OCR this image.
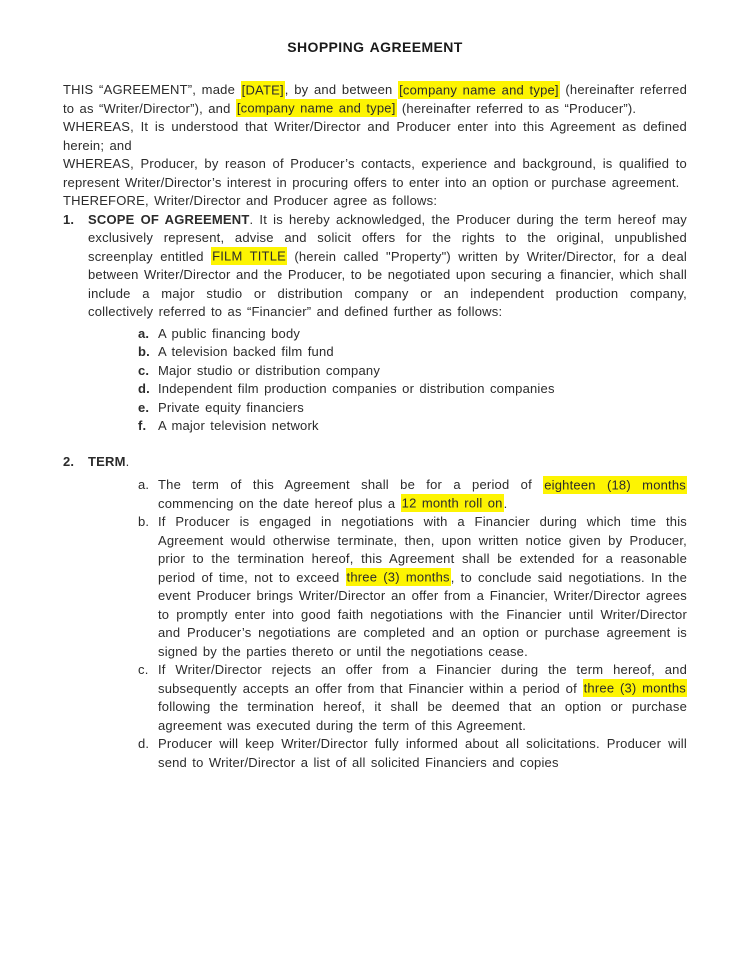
SHOPPING AGREEMENT

THIS “AGREEMENT”, made [DATE], by and between [company name and type] (hereinafter referred to as “Writer/Director”), and [company name and type] (hereinafter referred to as “Producer”).

WHEREAS, It is understood that Writer/Director and Producer enter into this Agreement as defined herein; and

WHEREAS, Producer, by reason of Producer’s contacts, experience and background, is qualified to represent Writer/Director’s interest in procuring offers to enter into an option or purchase agreement.

THEREFORE, Writer/Director and Producer agree as follows:

1.	SCOPE OF AGREEMENT. It is hereby acknowledged, the Producer during the term hereof may exclusively represent, advise and solicit offers for the rights to the original, unpublished screenplay entitled FILM TITLE (herein called "Property") written by Writer/Director, for a deal between Writer/Director and the Producer, to be negotiated upon securing a financier, which shall include a major studio or distribution company or an independent production company, collectively referred to as “Financier” and defined further as follows:

a. A public financing body
b. A television backed film fund
c. Major studio or distribution company
d. Independent film production companies or distribution companies
e. Private equity financiers
f. A major television network
2.	TERM.

a. The term of this Agreement shall be for a period of eighteen (18) months commencing on the date hereof plus a 12 month roll on.
b. If Producer is engaged in negotiations with a Financier during which time this Agreement would otherwise terminate, then, upon written notice given by Producer, prior to the termination hereof, this Agreement shall be extended for a reasonable period of time, not to exceed three (3) months, to conclude said negotiations. In the event Producer brings Writer/Director an offer from a Financier, Writer/Director agrees to promptly enter into good faith negotiations with the Financier until Writer/Director and Producer’s negotiations are completed and an option or purchase agreement is signed by the parties thereto or until the negotiations cease.
c. If Writer/Director rejects an offer from a Financier during the term hereof, and subsequently accepts an offer from that Financier within a period of three (3) months following the termination hereof, it shall be deemed that an option or purchase agreement was executed during the term of this Agreement.
d. Producer will keep Writer/Director fully informed about all solicitations. Producer will send to Writer/Director a list of all solicited Financiers and copies
